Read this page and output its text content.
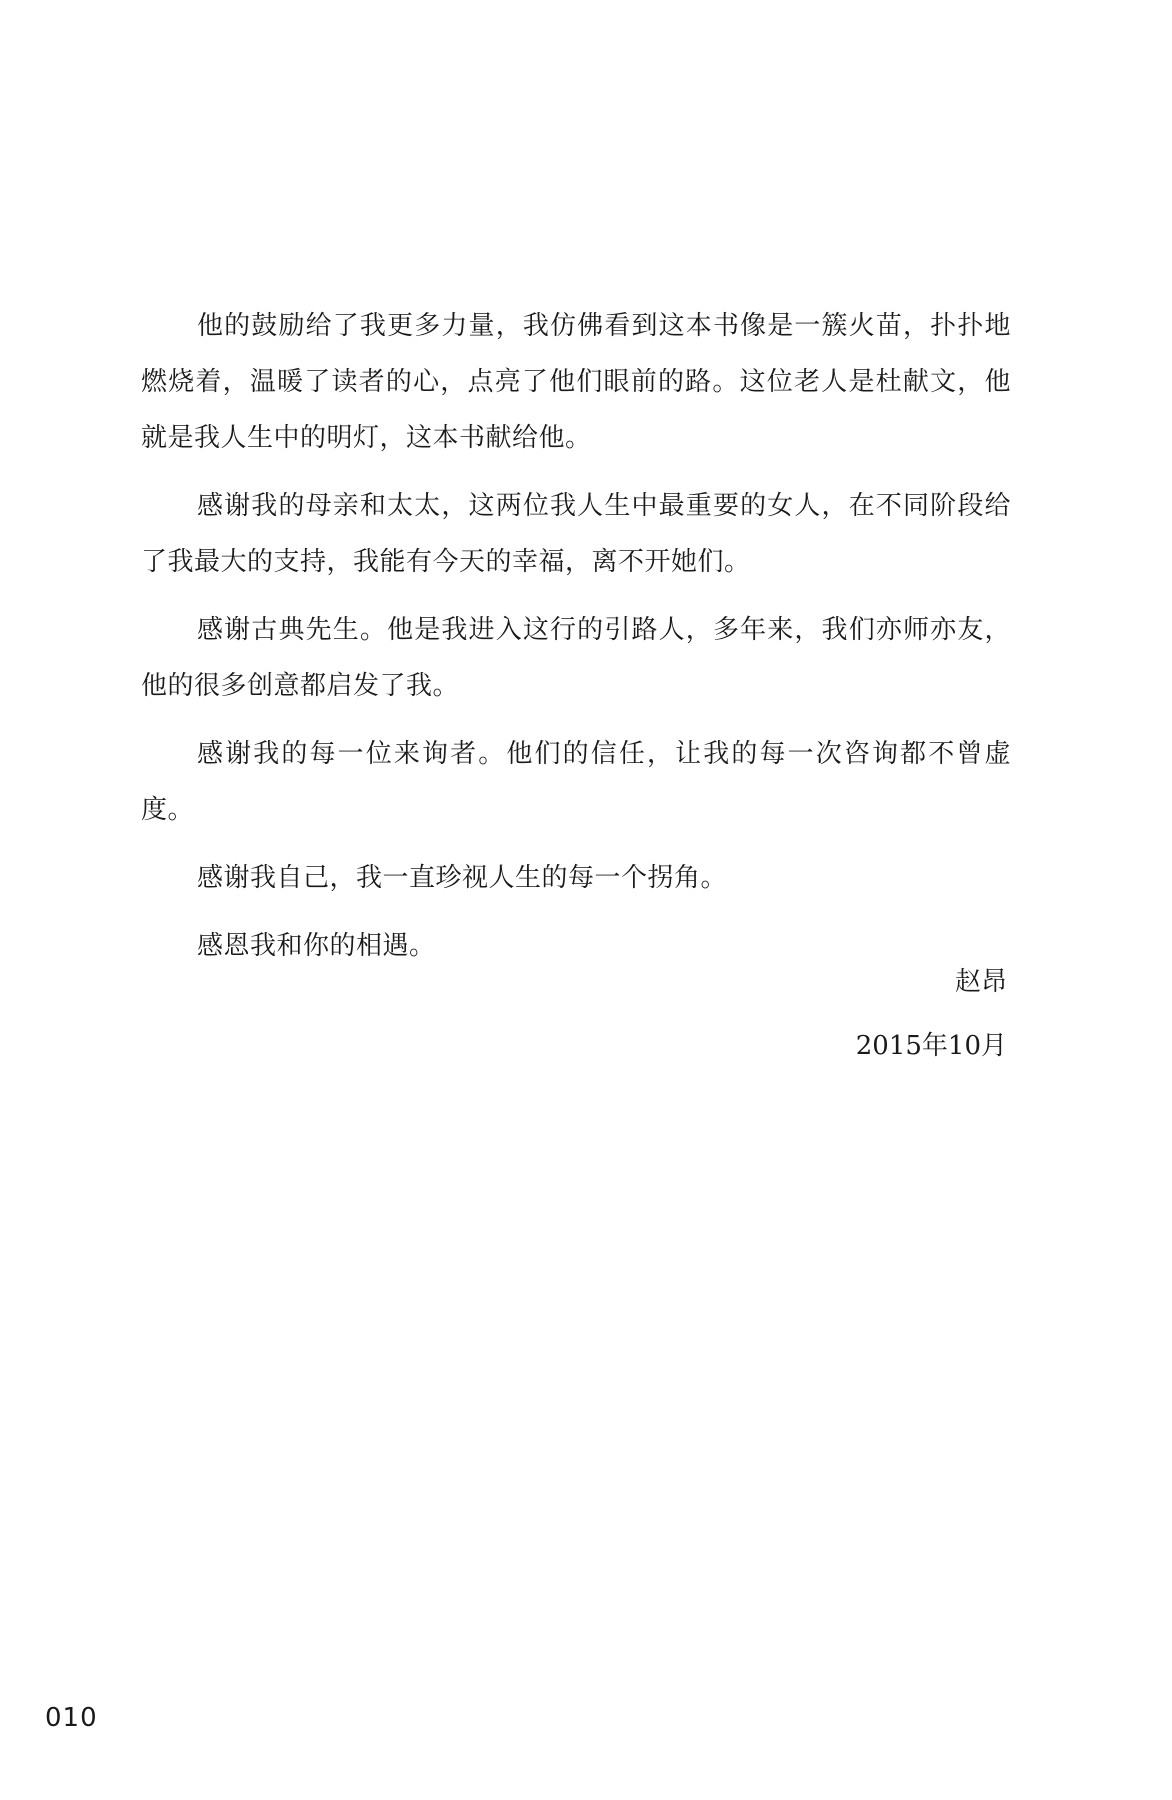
他的鼓励给了我更多力量，我仿佛看到这本书像是一簇火苗，扑扑地燃烧着，温暖了读者的心，点亮了他们眼前的路。这位老人是杜献文，他就是我人生中的明灯，这本书献给他。

感谢我的母亲和太太，这两位我人生中最重要的女人，在不同阶段给了我最大的支持，我能有今天的幸福，离不开她们。

感谢古典先生。他是我进入这行的引路人，多年来，我们亦师亦友，他的很多创意都启发了我。

感谢我的每一位来询者。他们的信任，让我的每一次咨询都不曾虚度。

感谢我自己，我一直珍视人生的每一个拐角。

感恩我和你的相遇。

赵昂
2015年10月
010
